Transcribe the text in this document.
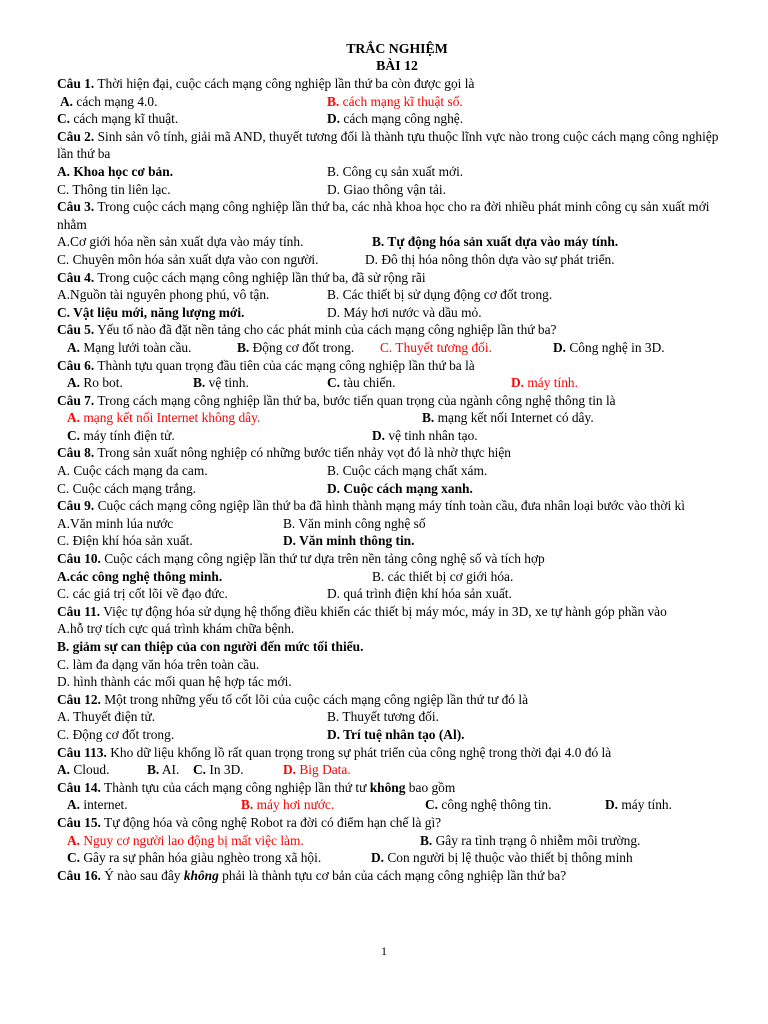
TRẮC NGHIỆM
BÀI 12
Câu 1. Thời hiện đại, cuộc cách mạng công nghiệp lần thứ ba còn được gọi là
A. cách mạng 4.0.	B. cách mạng kĩ thuật số.
C. cách mạng kĩ thuật.	D. cách mạng công nghệ.
Câu 2. Sinh sản vô tính, giải mã AND, thuyết tương đối là thành tựu thuộc lĩnh vực nào trong cuộc cách mạng công nghiệp lần thứ ba
A. Khoa học cơ bản.	B. Công cụ sản xuất mới.
C. Thông tin liên lạc.	D. Giao thông vận tải.
Câu 3. Trong cuộc cách mạng công nghiệp lần thứ ba, các nhà khoa học cho ra đời nhiều phát minh công cụ sản xuất mới nhằm
A.Cơ giới hóa nền sản xuất dựa vào máy tính.	B. Tự động hóa sản xuất dựa vào máy tính.
C. Chuyên môn hóa sản xuất dựa vào con người.	D. Đô thị hóa nông thôn dựa vào sự phát triển.
Câu 4. Trong cuộc cách mạng công nghiệp lần thứ ba, đã sử rộng rãi
A.Nguồn tài nguyên phong phú, vô tận.	B. Các thiết bị sử dụng động cơ đốt trong.
C. Vật liệu mới, năng lượng mới.	D. Máy hơi nước và dầu mỏ.
Câu 5. Yếu tố nào đã đặt nền tảng cho các phát minh của cách mạng công nghiệp lần thứ ba?
A. Mạng lưới toàn cầu.	B. Động cơ đốt trong. C. Thuyết tương đối.	D. Công nghệ in 3D.
Câu 6. Thành tựu quan trọng đầu tiên của các mạng công nghiệp lần thứ ba là
A. Ro bot.	B. vệ tinh.	C. tàu chiến.	D. máy tính.
Câu 7. Trong cách mạng công nghiệp lần thứ ba, bước tiến quan trọng của ngành công nghệ thông tin là
A. mạng kết nối Internet không dây.	B. mạng kết nối Internet có dây.
C. máy tính điện tử.	D. vệ tinh nhân tạo.
Câu 8. Trong sản xuất nông nghiệp có những bước tiến nhảy vọt đó là nhờ thực hiện
A. Cuộc cách mạng da cam.	B. Cuộc cách mạng chất xám.
C. Cuộc cách mạng trắng.	D. Cuộc cách mạng xanh.
Câu 9. Cuộc cách mạng công ngiệp lần thứ ba đã hình thành mạng máy tính toàn cầu, đưa nhân loại bước vào thời kì
A.Văn minh lúa nước	B. Văn minh công nghệ số
C. Điện khí hóa sản xuất.	D. Văn minh thông tin.
Câu 10. Cuộc cách mạng công ngiệp lần thứ tư dựa trên nền tảng công nghệ số và tích hợp
A.các công nghệ thông minh.	B. các thiết bị cơ giới hóa.
C. các giá trị cốt lõi về đạo đức.	D. quá trình điện khí hóa sản xuất.
Câu 11. Việc tự động hóa sử dụng hệ thống điều khiển các thiết bị máy móc, máy in 3D, xe tự hành góp phần vào
A.hỗ trợ tích cực quá trình khám chữa bệnh.
B. giảm sự can thiệp của con người đến mức tối thiểu.
C. làm đa dạng văn hóa trên toàn cầu.
D. hình thành các mối quan hệ hợp tác mới.
Câu 12. Một trong những yếu tố cốt lõi của cuộc cách mạng công ngiệp lần thứ tư đó là
A. Thuyết điện tử.	B. Thuyết tương đối.
C. Động cơ đốt trong.	D. Trí tuệ nhân tạo (Al).
Câu 113. Kho dữ liệu khổng lồ rất quan trọng trong sự phát triển của công nghệ trong thời đại 4.0 đó là
A. Cloud.	B. AI. C. In 3D.	D. Big Data.
Câu 14. Thành tựu của cách mạng công nghiệp lần thứ tư không bao gồm
A. internet.	B. máy hơi nước.	C. công nghệ thông tin.	D. máy tính.
Câu 15. Tự động hóa và công nghệ Robot ra đời có điểm hạn chế là gì?
A. Nguy cơ người lao động bị mất việc làm.	B. Gây ra tình trạng ô nhiễm môi trường.
C. Gây ra sự phân hóa giàu nghèo trong xã hội.	D. Con người bị lệ thuộc vào thiết bị thông minh
Câu 16. Ý nào sau đây không phải là thành tựu cơ bản của cách mạng công nghiệp lần thứ ba?
1
